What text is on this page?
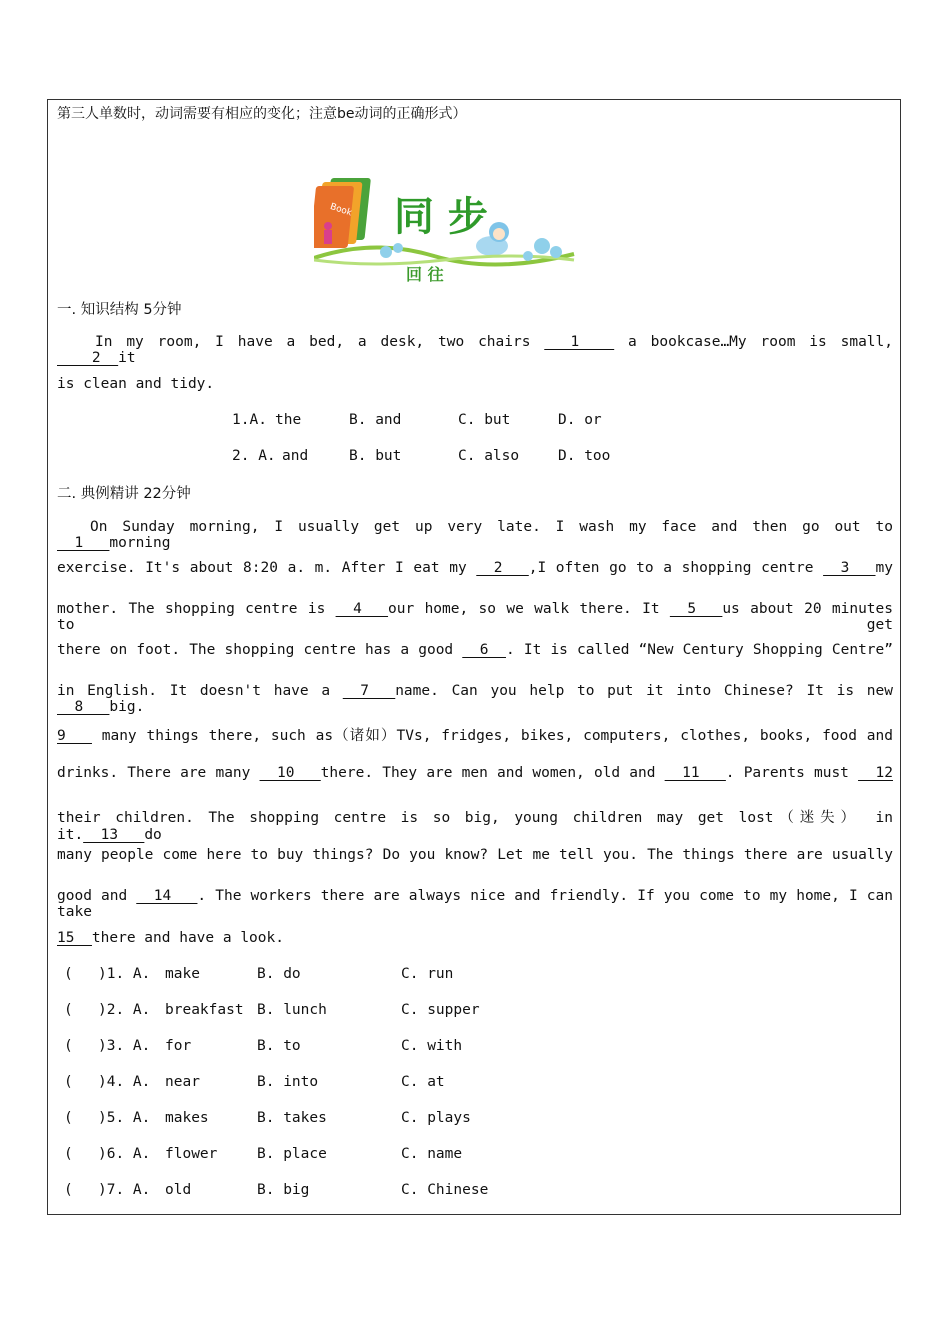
第三人单数时，动词需要有相应的变化；注意be动词的正确形式）
Book 同 步
回 往
一. 知识结构 5分钟
In my room, I have a bed, a desk, two chairs ___1____ a bookcase…My room is small, ____2__it
is clean and tidy.
1.A. the	B. and	C. but	D. or
2. A. and	B. but	C. also	D. too
二. 典例精讲 22分钟
On Sunday morning, I usually get up very late. I wash my face and then go out to __1___morning
exercise. It's about 8:20 a. m. After I eat my __2___,I often go to a shopping centre __3___my
mother. The shopping centre is __4___our home, so we walk there. It __5___us about 20 minutes to get
there on foot. The shopping centre has a good __6__. It is called “New Century Shopping Centre”
in English. It doesn't have a __7___name. Can you help to put it into Chinese? It is new __8___big.
9___ many things there, such as（诸如）TVs, fridges, bikes, computers, clothes, books, food and
drinks. There are many __10___there. They are men and women, old and __11___. Parents must __12
their children. The shopping centre is so big, young children may get lost（迷失） in it.__13___do
many people come here to buy things? Do you know? Let me tell you. The things there are usually
good and __14___. The workers there are always nice and friendly. If you come to my home, I can take
15__there and have a look.
( )1. A. make	B. do	C. run
( )2. A. breakfast B. lunch	C. supper
( )3. A. for	B. to	C. with
( )4. A. near	B. into	C. at
( )5. A. makes	B. takes	C. plays
( )6. A. flower	B. place	C. name
( )7. A. old	B. big	C. Chinese
